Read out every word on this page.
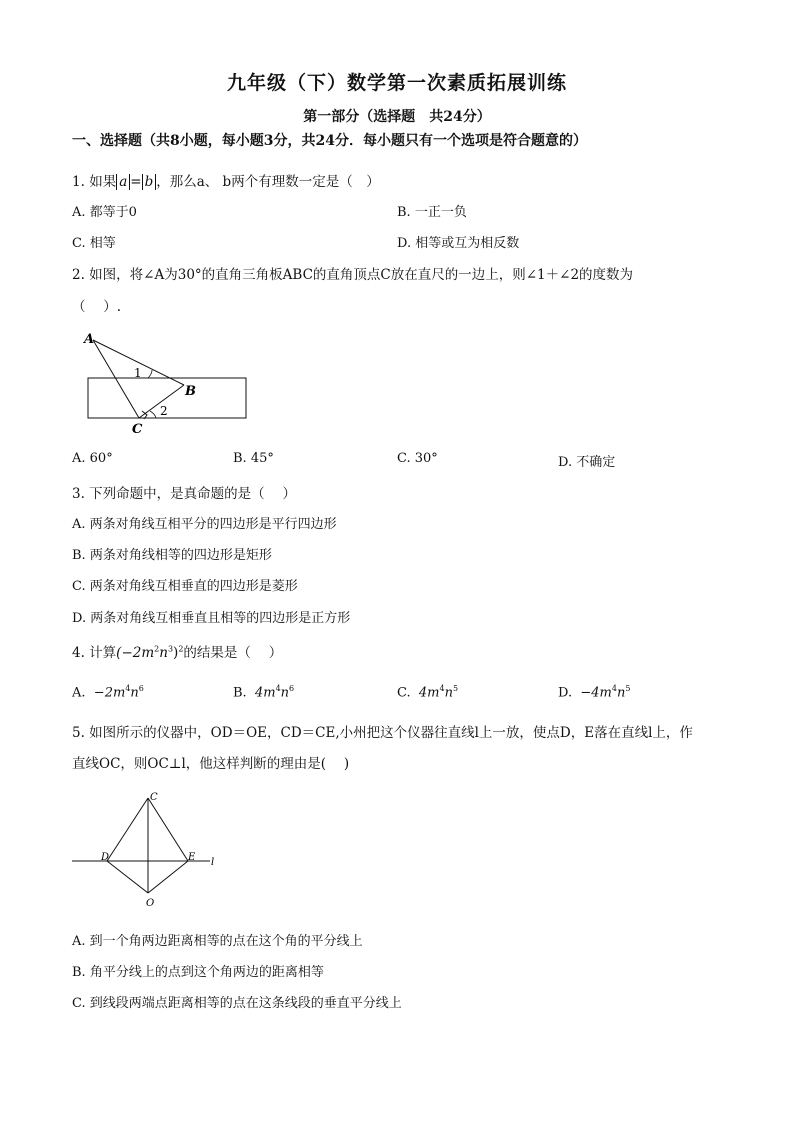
九年级（下）数学第一次素质拓展训练
第一部分（选择题　共24分）
一、选择题（共8小题，每小题3分，共24分．每小题只有一个选项是符合题意的）
1. 如果 a = b ，那么a、 b两个有理数一定是（　）
A. 都等于0	B. 一正一负
C. 相等	D. 相等或互为相反数
2. 如图，将∠A为30°的直角三角板ABC的直角顶点C放在直尺的一边上，则∠1＋∠2的度数为
（　 ）.
A
B
C
1
2
A. 60°	B. 45°	C. 30°	D. 不确定
3. 下列命题中，是真命题的是（　 ）
A. 两条对角线互相平分的四边形是平行四边形
B. 两条对角线相等的四边形是矩形
C. 两条对角线互相垂直的四边形是菱形
D. 两条对角线互相垂直且相等的四边形是正方形
4. 计算$(-2m^2n^3)^2$的结果是（　 ）
A. $-2m^4n^6$	B. $4m^4n^6$	C. $4m^4n^5$	D. $-4m^4n^5$
5. 如图所示的仪器中，OD＝OE，CD＝CE,小州把这个仪器往直线l上一放，使点D，E落在直线l上，作
直线OC，则OC⊥l，他这样判断的理由是(　 )
C
D	E
O
l
A. 到一个角两边距离相等的点在这个角的平分线上
B. 角平分线上的点到这个角两边的距离相等
C. 到线段两端点距离相等的点在这条线段的垂直平分线上
